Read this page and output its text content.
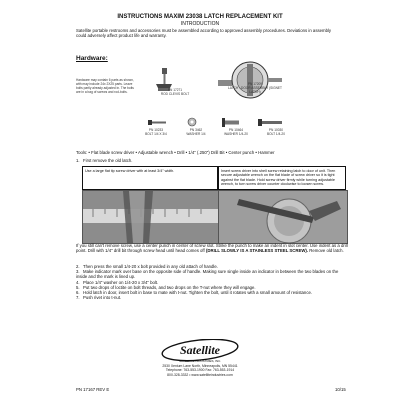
INSTRUCTIONS MAXIM 23038 LATCH REPLACEMENT KIT
INTRODUCTION
Satellite portable restrooms and accessories must be assembled according to approved assembly procedures. Deviations in assembly could adversely affect product life and warranty.
Hardware:
Hardware may contain 6 parts as shown, with may include 24x 2X25 parts. Leave bolts partly already adjusted in. The bolts are in a bag of screws and rod-bolts.	PN 17271
ROD CLEVIS BOLT
PN 17209
LATCH - DOOR ASSEMBLY (SIGNET LATCH)
PN 10233
BOLT 1/4 X 3/4
PN 3462
WASHER 1/4
PN 10464
WASHER 1/4-20
PN 10030
BOLT 1/4-20
Tools: • Flat blade screw driver • Adjustable wrench • Drill • 1/4" (.250") Drill Bit • Center punch • Hammer
1. First remove the old latch.
Use a large flat tip screw driver with at least 3/4" width.	Insert screw driver into shell screw retaining latch to door of unit. Then secure adjustable wrench on the flat blade of screw driver so it is tight against the flat blade. Hold screw driver firmly while turning adjustable wrench, to turn screw driver counter clockwise to loosen screw.
If you still can't remove screw, use a center punch in center of screw slot. Strike the punch to make an indent in slot center. Use indent as a drill point. Drill with 1/4" drill bit through screw head until head comes off (DRILL SLOWLY IS A STAINLESS STEEL SCREW). Remove old latch.
2. Then press the small 1/4-20 x bolt provided in any old attach of handle.
3. Make indicator mark over base on the opposite side of handle. Making sure single inside an indicator in between the two blades on the inside and the mark is lined up.
4. Place 1/4" washer on 1/4-20 x 3/4" bolt.
5. Put two drops of loctite on bolt threads, and two drops on the T-nut where they will engage.
6. Hold latch in door, insert bolt in base to mate with t-nut. Tighten the bolt, until it rotates with a small amount of resistance.
7. Push rivet into t-nut.
Satellite
SATELLITE INDUSTRIES, INC.
2530 Xenium Lane North, Minneapolis, MN 55441
Telephone: 763-553-1900 Fax: 763-553-1914
800-328-3332 • www.satelliteindustries.com
PN 17167 REV E	10/15
